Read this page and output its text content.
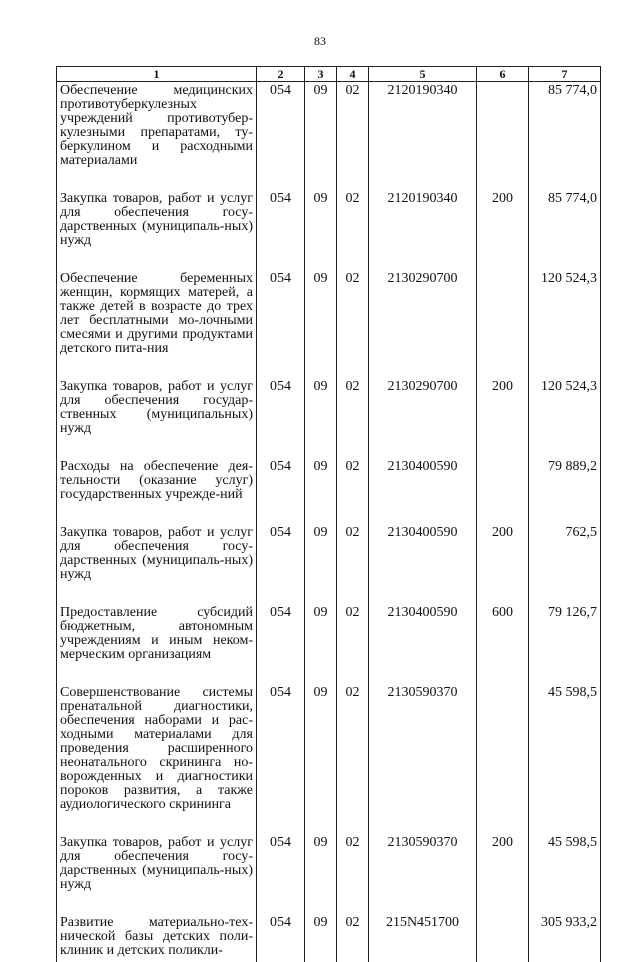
83
1	2	3	4	5	6	7
Обеспечение медицинских противотуберкулезных учреждений противотубер-кулезными препаратами, ту-беркулином и расходными материалами	054	09	02	2120190340		85 774,0
Закупка товаров, работ и услуг для обеспечения госу-дарственных (муниципаль-ных) нужд	054	09	02	2120190340	200	85 774,0
Обеспечение беременных женщин, кормящих матерей, а также детей в возрасте до трех лет бесплатными мо-лочными смесями и другими продуктами детского пита-ния	054	09	02	2130290700		120 524,3
Закупка товаров, работ и услуг для обеспечения государ-ственных (муниципальных) нужд	054	09	02	2130290700	200	120 524,3
Расходы на обеспечение дея-тельности (оказание услуг) государственных учрежде-ний	054	09	02	2130400590		79 889,2
Закупка товаров, работ и услуг для обеспечения госу-дарственных (муниципаль-ных) нужд	054	09	02	2130400590	200	762,5
Предоставление субсидий бюджетным, автономным учреждениям и иным неком-мерческим организациям	054	09	02	2130400590	600	79 126,7
Совершенствование системы пренатальной диагностики, обеспечения наборами и рас-ходными материалами для проведения расширенного неонатального скрининга но-ворожденных и диагностики пороков развития, а также аудиологического скрининга	054	09	02	2130590370		45 598,5
Закупка товаров, работ и услуг для обеспечения госу-дарственных (муниципаль-ных) нужд	054	09	02	2130590370	200	45 598,5
Развитие материально-тех-нической базы детских поли-клиник и детских поликли-	054	09	02	215N451700		305 933,2
